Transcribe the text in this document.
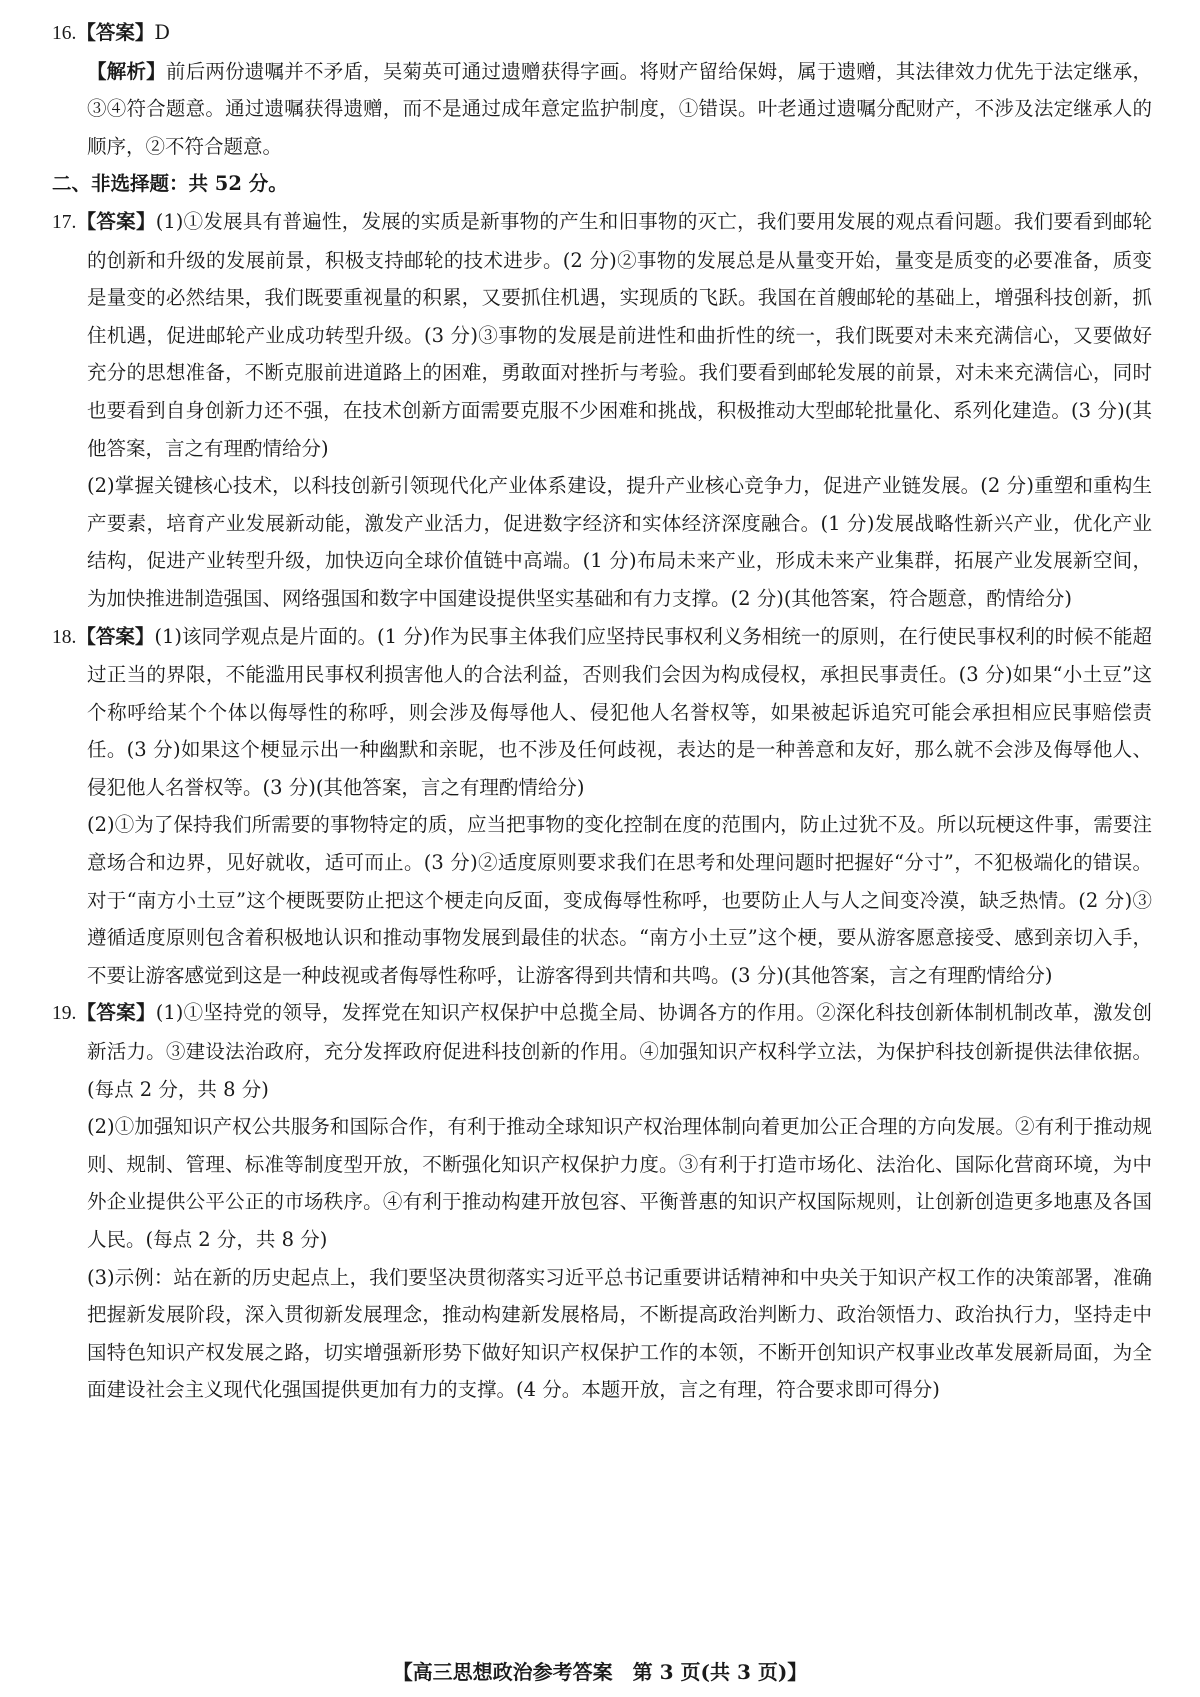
16.【答案】D

【解析】前后两份遗嘱并不矛盾，吴菊英可通过遗赠获得字画。将财产留给保姆，属于遗赠，其法律效力优先于法定继承，③④符合题意。通过遗嘱获得遗赠，而不是通过成年意定监护制度，①错误。叶老通过遗嘱分配财产，不涉及法定继承人的顺序，②不符合题意。

二、非选择题：共 52 分。

17.【答案】(1)①发展具有普遍性，发展的实质是新事物的产生和旧事物的灭亡，我们要用发展的观点看问题。我们要看到邮轮的创新和升级的发展前景，积极支持邮轮的技术进步。(2 分)②事物的发展总是从量变开始，量变是质变的必要准备，质变是量变的必然结果，我们既要重视量的积累，又要抓住机遇，实现质的飞跃。我国在首艘邮轮的基础上，增强科技创新，抓住机遇，促进邮轮产业成功转型升级。(3 分)③事物的发展是前进性和曲折性的统一，我们既要对未来充满信心，又要做好充分的思想准备，不断克服前进道路上的困难，勇敢面对挫折与考验。我们要看到邮轮发展的前景，对未来充满信心，同时也要看到自身创新力还不强，在技术创新方面需要克服不少困难和挑战，积极推动大型邮轮批量化、系列化建造。(3 分)(其他答案，言之有理酌情给分)

(2)掌握关键核心技术，以科技创新引领现代化产业体系建设，提升产业核心竞争力，促进产业链发展。(2 分)重塑和重构生产要素，培育产业发展新动能，激发产业活力，促进数字经济和实体经济深度融合。(1 分)发展战略性新兴产业，优化产业结构，促进产业转型升级，加快迈向全球价值链中高端。(1 分)布局未来产业，形成未来产业集群，拓展产业发展新空间，为加快推进制造强国、网络强国和数字中国建设提供坚实基础和有力支撑。(2 分)(其他答案，符合题意，酌情给分)

18.【答案】(1)该同学观点是片面的。(1 分)作为民事主体我们应坚持民事权利义务相统一的原则，在行使民事权利的时候不能超过正当的界限，不能滥用民事权利损害他人的合法利益，否则我们会因为构成侵权，承担民事责任。(3 分)如果“小土豆”这个称呼给某个个体以侮辱性的称呼，则会涉及侮辱他人、侵犯他人名誉权等，如果被起诉追究可能会承担相应民事赔偿责任。(3 分)如果这个梗显示出一种幽默和亲昵，也不涉及任何歧视，表达的是一种善意和友好，那么就不会涉及侮辱他人、侵犯他人名誉权等。(3 分)(其他答案，言之有理酌情给分)

(2)①为了保持我们所需要的事物特定的质，应当把事物的变化控制在度的范围内，防止过犹不及。所以玩梗这件事，需要注意场合和边界，见好就收，适可而止。(3 分)②适度原则要求我们在思考和处理问题时把握好“分寸”，不犯极端化的错误。对于“南方小土豆”这个梗既要防止把这个梗走向反面，变成侮辱性称呼，也要防止人与人之间变冷漠，缺乏热情。(2 分)③遵循适度原则包含着积极地认识和推动事物发展到最佳的状态。“南方小土豆”这个梗，要从游客愿意接受、感到亲切入手，不要让游客感觉到这是一种歧视或者侮辱性称呼，让游客得到共情和共鸣。(3 分)(其他答案，言之有理酌情给分)

19.【答案】(1)①坚持党的领导，发挥党在知识产权保护中总揽全局、协调各方的作用。②深化科技创新体制机制改革，激发创新活力。③建设法治政府，充分发挥政府促进科技创新的作用。④加强知识产权科学立法，为保护科技创新提供法律依据。(每点 2 分，共 8 分)

(2)①加强知识产权公共服务和国际合作，有利于推动全球知识产权治理体制向着更加公正合理的方向发展。②有利于推动规则、规制、管理、标准等制度型开放，不断强化知识产权保护力度。③有利于打造市场化、法治化、国际化营商环境，为中外企业提供公平公正的市场秩序。④有利于推动构建开放包容、平衡普惠的知识产权国际规则，让创新创造更多地惠及各国人民。(每点 2 分，共 8 分)

(3)示例：站在新的历史起点上，我们要坚决贯彻落实习近平总书记重要讲话精神和中央关于知识产权工作的决策部署，准确把握新发展阶段，深入贯彻新发展理念，推动构建新发展格局，不断提高政治判断力、政治领悟力、政治执行力，坚持走中国特色知识产权发展之路，切实增强新形势下做好知识产权保护工作的本领，不断开创知识产权事业改革发展新局面，为全面建设社会主义现代化强国提供更加有力的支撑。(4 分。本题开放，言之有理，符合要求即可得分)

【高三思想政治参考答案　第 3 页(共 3 页)】
